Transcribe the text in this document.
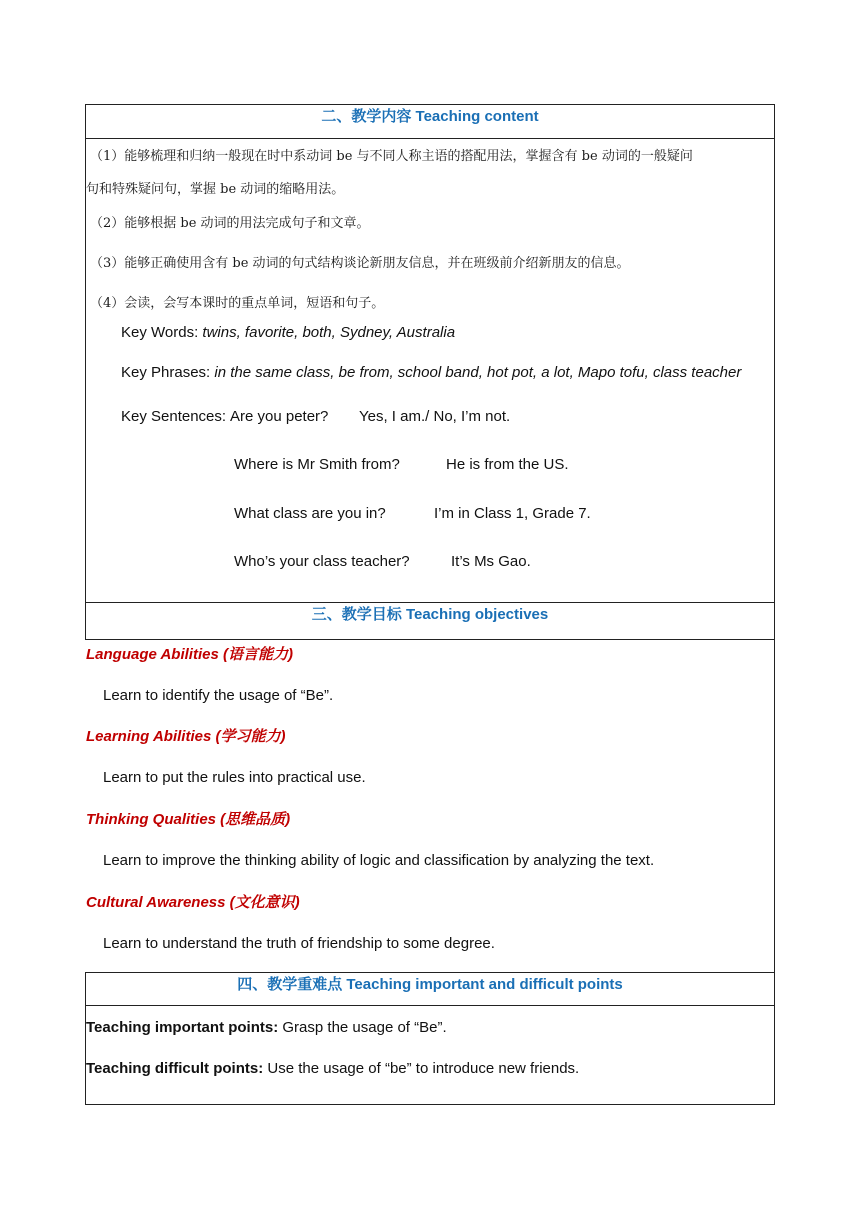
二、教学内容 Teaching content
（1）能够梳理和归纳一般现在时中系动词 be 与不同人称主语的搭配用法，掌握含有 be 动词的一般疑问
句和特殊疑问句，掌握 be 动词的缩略用法。
（2）能够根据 be 动词的用法完成句子和文章。
（3）能够正确使用含有 be 动词的句式结构谈论新朋友信息，并在班级前介绍新朋友的信息。
（4）会读，会写本课时的重点单词，短语和句子。
Key Words: twins, favorite, both, Sydney, Australia
Key Phrases: in the same class, be from, school band, hot pot, a lot, Mapo tofu, class teacher
Key Sentences: Are you peter? Yes, I am./ No, I’m not.
Where is Mr Smith from?	He is from the US.
What class are you in?	I’m in Class 1, Grade 7.
Who’s your class teacher?	It’s Ms Gao.
三、教学目标 Teaching objectives
Language Abilities (语言能力)
Learn to identify the usage of “Be”.
Learning Abilities (学习能力)
Learn to put the rules into practical use.
Thinking Qualities (思维品质)
Learn to improve the thinking ability of logic and classification by analyzing the text.
Cultural Awareness (文化意识)
Learn to understand the truth of friendship to some degree.
四、教学重难点 Teaching important and difficult points
Teaching important points: Grasp the usage of “Be”.
Teaching difficult points: Use the usage of “be” to introduce new friends.
